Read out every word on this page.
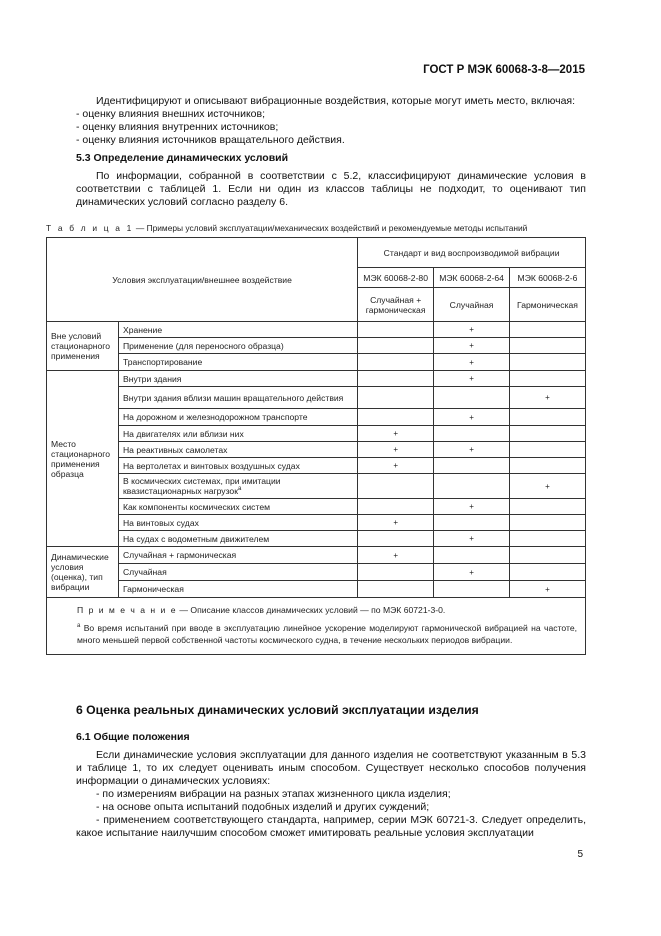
ГОСТ Р МЭК 60068-3-8—2015
Идентифицируют и описывают вибрационные воздействия, которые могут иметь место, включая:
- оценку влияния внешних источников;
- оценку влияния внутренних источников;
- оценку влияния источников вращательного действия.
5.3 Определение динамических условий
По информации, собранной в соответствии с 5.2, классифицируют динамические условия в соответствии с таблицей 1. Если ни один из классов таблицы не подходит, то оценивают тип динамических условий согласно разделу 6.
Т а б л и ц а 1 — Примеры условий эксплуатации/механических воздействий и рекомендуемые методы испытаний
Условия эксплуатации/внешнее воздействие		Стандарт и вид воспроизводимой вибрации		
		МЭК 60068-2-80	МЭК 60068-2-64	МЭК 60068-2-6
		Случайная + гармоническая	Случайная	Гармоническая
Вне условий стационарного применения	Хранение		+	
	Применение (для переносного образца)		+	
	Транспортирование		+	
Место стационарного применения образца	Внутри здания		+	
	Внутри здания вблизи машин вращательного действия			+
	На дорожном и железнодорожном транспорте		+	
	На двигателях или вблизи них	+		
	На реактивных самолетах	+	+	
	На вертолетах и винтовых воздушных судах	+		
	В космических системах, при имитации квазистационарных нагрузок$^a$			+
	Как компоненты космических систем		+	
	На винтовых судах	+		
	На судах с водометным движителем		+	
Динамические условия (оценка), тип вибрации	Случайная + гармоническая	+		
	Случайная		+	
	Гармоническая			+

П р и м е ч а н и е — Описание классов динамических условий — по МЭК 60721-3-0.
$^a$ Во время испытаний при вводе в эксплуатацию линейное ускорение моделируют гармонической вибрацией на частоте, много меньшей первой собственной частоты космического судна, в течение нескольких периодов вибрации.				
6 Оценка реальных динамических условий эксплуатации изделия
6.1 Общие положения
Если динамические условия эксплуатации для данного изделия не соответствуют указанным в 5.3 и таблице 1, то их следует оценивать иным способом. Существует несколько способов получения информации о динамических условиях:
- по измерениям вибрации на разных этапах жизненного цикла изделия;
- на основе опыта испытаний подобных изделий и других суждений;
- применением соответствующего стандарта, например, серии МЭК 60721-3. Следует определить, какое испытание наилучшим способом сможет имитировать реальные условия эксплуатации
5
